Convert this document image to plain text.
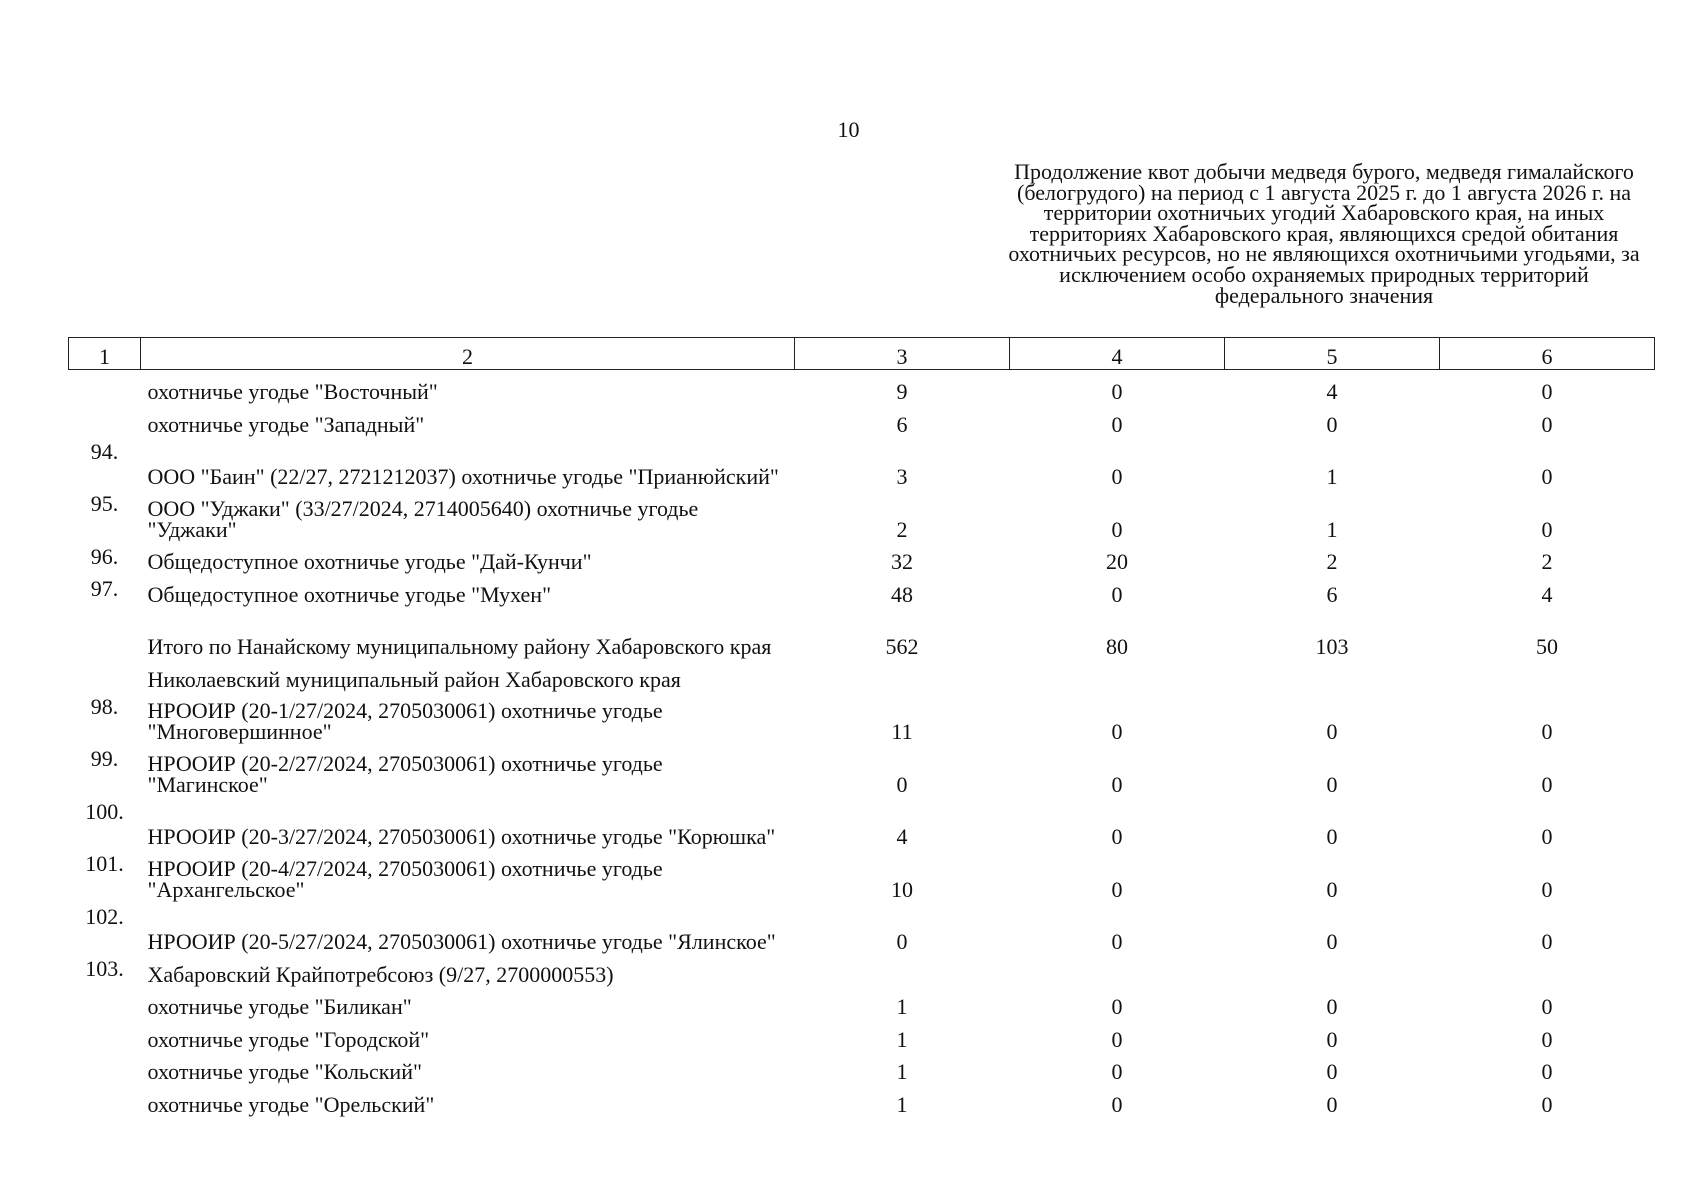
10
Продолжение квот добычи медведя бурого, медведя гималайского (белогрудого) на период с 1 августа 2025 г. до 1 августа 2026 г. на территории охотничьих угодий Хабаровского края, на иных территориях Хабаровского края, являющихся средой обитания охотничьих ресурсов, но не являющихся охотничьими угодьями, за исключением особо охраняемых природных территорий федерального значения
1	2	3	4	5	6
	охотничье угодье "Восточный"	9	0	4	0
	охотничье угодье "Западный"	6	0	0	0
94.	ООО "Баин" (22/27, 2721212037) охотничье угодье "Прианюйский"	3	0	1	0
95.	ООО "Уджаки" (33/27/2024, 2714005640) охотничье угодье "Уджаки"	2	0	1	0
96.	Общедоступное охотничье угодье "Дай-Кунчи"	32	20	2	2
97.	Общедоступное охотничье угодье "Мухен"	48	0	6	4
	Итого по Нанайскому муниципальному району Хабаровского края	562	80	103	50
	Николаевский муниципальный район Хабаровского края				
98.	НРООИР (20-1/27/2024, 2705030061) охотничье угодье "Многовершинное"	11	0	0	0
99.	НРООИР (20-2/27/2024, 2705030061) охотничье угодье "Магинское"	0	0	0	0
100.	НРООИР (20-3/27/2024, 2705030061) охотничье угодье "Корюшка"	4	0	0	0
101.	НРООИР (20-4/27/2024, 2705030061) охотничье угодье "Архангельское"	10	0	0	0
102.	НРООИР (20-5/27/2024, 2705030061) охотничье угодье "Ялинское"	0	0	0	0
103.	Хабаровский Крайпотребсоюз (9/27, 2700000553)				
	охотничье угодье "Биликан"	1	0	0	0
	охотничье угодье "Городской"	1	0	0	0
	охотничье угодье "Кольский"	1	0	0	0
	охотничье угодье "Орельский"	1	0	0	0
